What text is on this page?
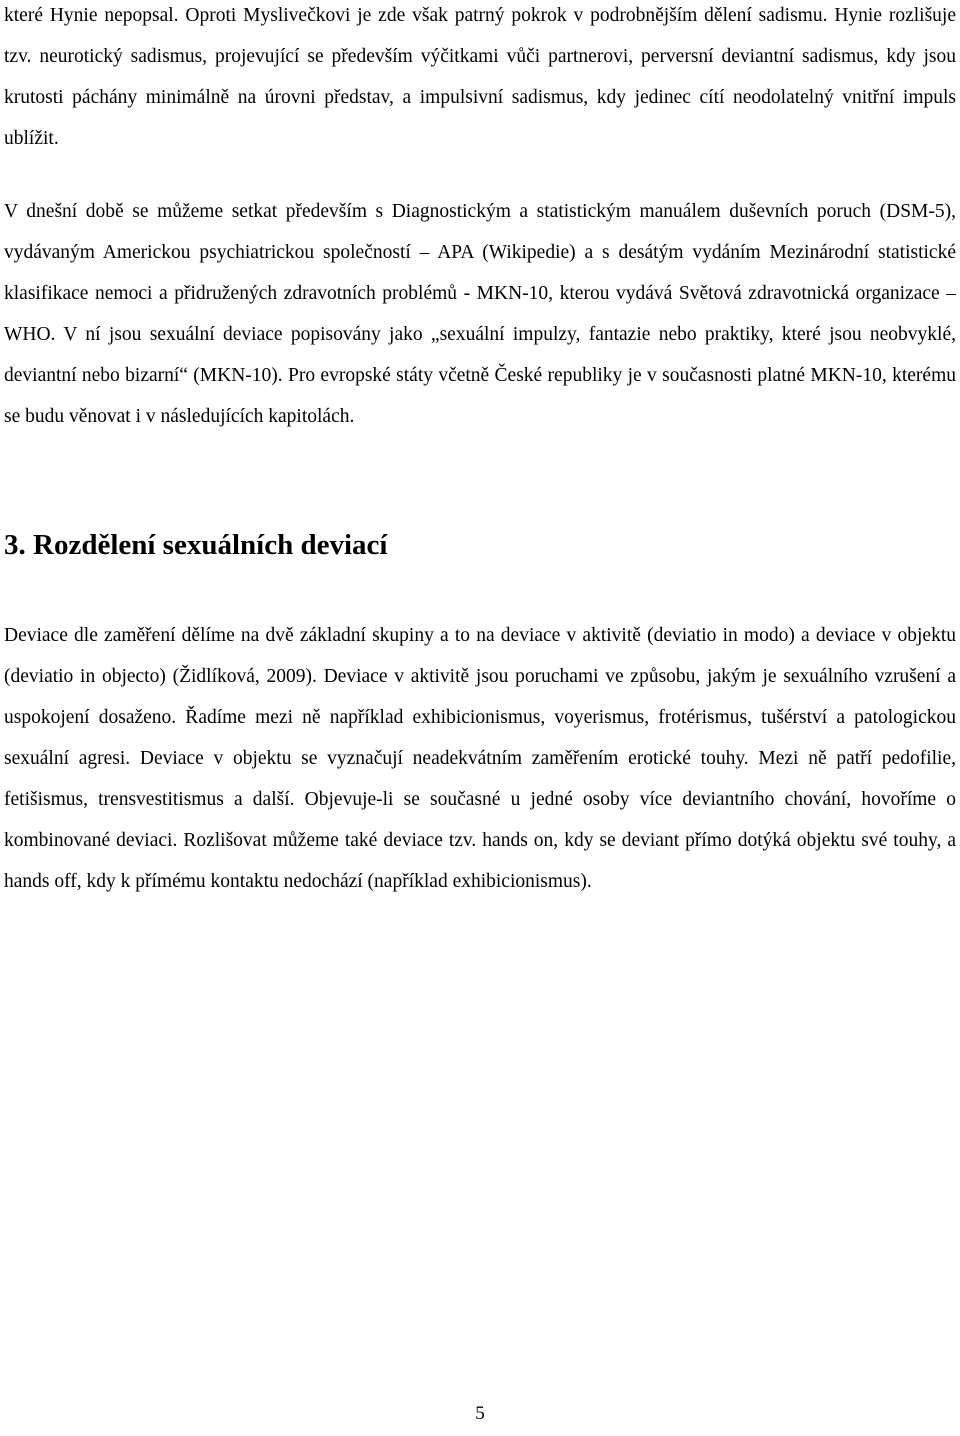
které Hynie nepopsal. Oproti Myslivečkovi je zde však patrný pokrok v podrobnějším dělení sadismu. Hynie rozlišuje tzv. neurotický sadismus, projevující se především výčitkami vůči partnerovi, perversní deviantní sadismus, kdy jsou krutosti páchány minimálně na úrovni představ, a impulsivní sadismus, kdy jedinec cítí neodolatelný vnitřní impuls ublížit.

V dnešní době se můžeme setkat především s Diagnostickým a statistickým manuálem duševních poruch (DSM-5), vydávaným Americkou psychiatrickou společností – APA (Wikipedie) a s desátým vydáním Mezinárodní statistické klasifikace nemoci a přidružených zdravotních problémů - MKN-10, kterou vydává Světová zdravotnická organizace – WHO. V ní jsou sexuální deviace popisovány jako „sexuální impulzy, fantazie nebo praktiky, které jsou neobvyklé, deviantní nebo bizarní“ (MKN-10). Pro evropské státy včetně České republiky je v současnosti platné MKN-10, kterému se budu věnovat i v následujících kapitolách.

3. Rozdělení sexuálních deviací

Deviace dle zaměření dělíme na dvě základní skupiny a to na deviace v aktivitě (deviatio in modo) a deviace v objektu (deviatio in objecto) (Židlíková, 2009). Deviace v aktivitě jsou poruchami ve způsobu, jakým je sexuálního vzrušení a uspokojení dosaženo. Řadíme mezi ně například exhibicionismus, voyerismus, frotérismus, tušérství a patologickou sexuální agresi. Deviace v objektu se vyznačují neadekvátním zaměřením erotické touhy. Mezi ně patří pedofilie, fetišismus, trensvestitismus a další. Objevuje-li se současné u jedné osoby více deviantního chování, hovoříme o kombinované deviaci. Rozlišovat můžeme také deviace tzv. hands on, kdy se deviant přímo dotýká objektu své touhy, a hands off, kdy k přímému kontaktu nedochází (například exhibicionismus).

5
